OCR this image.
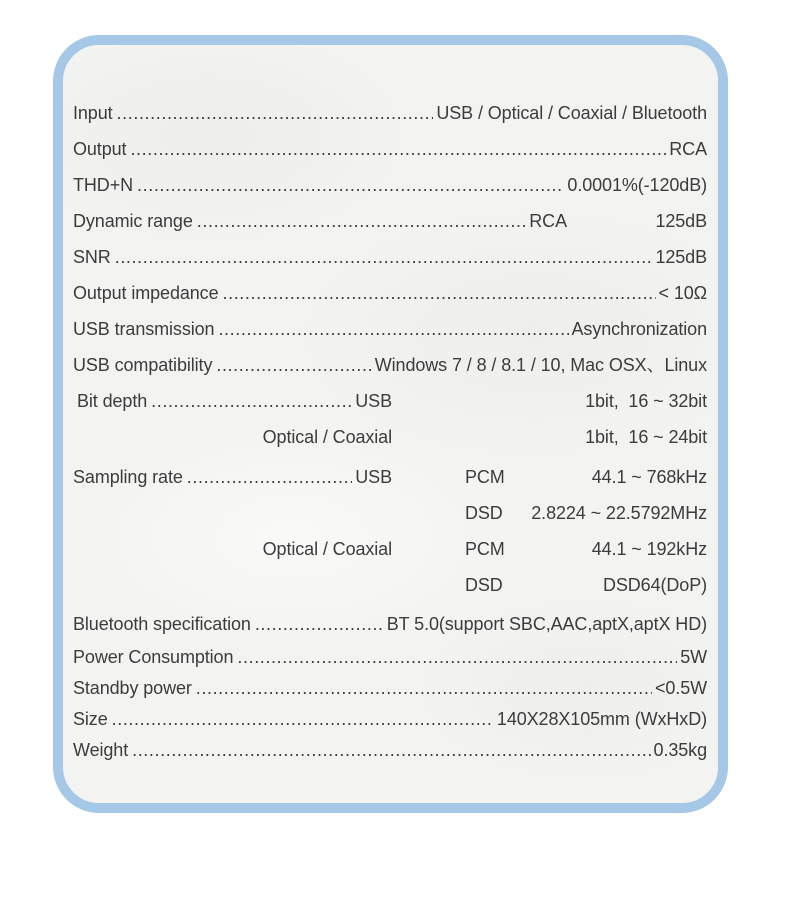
Input .....	USB / Optical / Coaxial / Bluetooth
Output .....	RCA
THD+N .....	0.0001%(-120dB)
Dynamic range .....	RCA	125dB
SNR .....	125dB
Output impedance .....	< 10Ω
USB transmission .....	Asynchronization
USB compatibility .....	Windows 7 / 8 / 8.1 / 10, Mac OSX、Linux
Bit depth .....	USB	1bit,  16 ~ 32bit
Optical / Coaxial	1bit,  16 ~ 24bit
Sampling rate .....	USB	PCM	44.1 ~ 768kHz
DSD	2.8224 ~ 22.5792MHz
Optical / Coaxial	PCM	44.1 ~ 192kHz
DSD	DSD64(DoP)
Bluetooth specification .....	BT 5.0(support SBC,AAC,aptX,aptX HD)
Power Consumption .....	5W
Standby power .....	<0.5W
Size .....	140X28X105mm (WxHxD)
Weight .....	0.35kg
